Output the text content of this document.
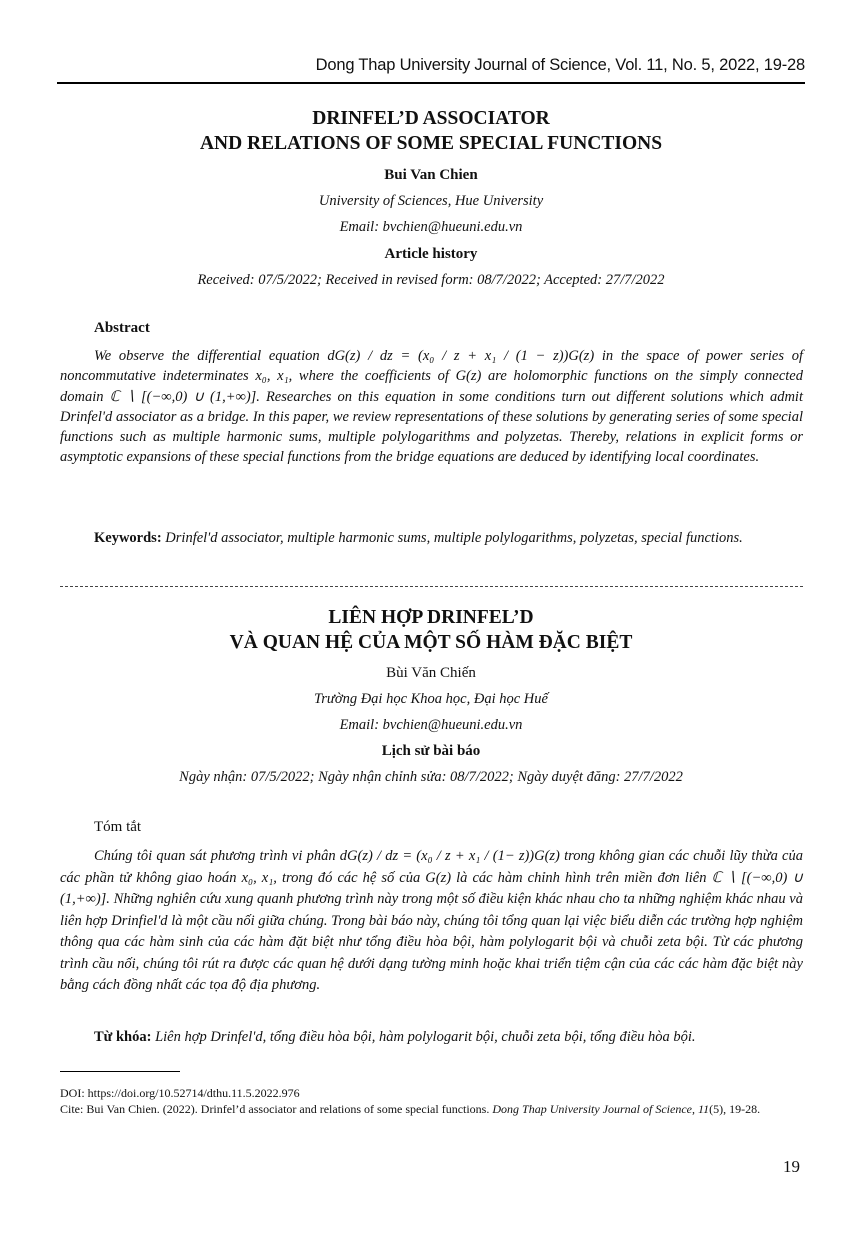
Dong Thap University Journal of Science, Vol. 11, No. 5, 2022, 19-28
DRINFEL’D ASSOCIATOR
AND RELATIONS OF SOME SPECIAL FUNCTIONS
Bui Van Chien
University of Sciences, Hue University
Email: bvchien@hueuni.edu.vn
Article history
Received: 07/5/2022; Received in revised form: 08/7/2022; Accepted: 27/7/2022
Abstract
We observe the differential equation dG(z) / dz = (x₀ / z + x₁ / (1 − z))G(z) in the space of power series of noncommutative indeterminates x₀, x₁, where the coefficients of G(z) are holomorphic functions on the simply connected domain ℂ ∖ [(−∞,0) ∪ (1,+∞)]. Researches on this equation in some conditions turn out different solutions which admit Drinfel'd associator as a bridge. In this paper, we review representations of these solutions by generating series of some special functions such as multiple harmonic sums, multiple polylogarithms and polyzetas. Thereby, relations in explicit forms or asymptotic expansions of these special functions from the bridge equations are deduced by identifying local coordinates.
Keywords: Drinfel'd associator, multiple harmonic sums, multiple polylogarithms, polyzetas, special functions.
LIÊN HỢP DRINFEL’D
VÀ QUAN HỆ CỦA MỘT SỐ HÀM ĐẶC BIỆT
Bùi Văn Chiến
Trường Đại học Khoa học, Đại học Huế
Email: bvchien@hueuni.edu.vn
Lịch sử bài báo
Ngày nhận: 07/5/2022; Ngày nhận chỉnh sửa: 08/7/2022; Ngày duyệt đăng: 27/7/2022
Tóm tắt
Chúng tôi quan sát phương trình vi phân dG(z) / dz = (x₀ / z + x₁ / (1− z))G(z) trong không gian các chuỗi lũy thừa của các phần tử không giao hoán x₀, x₁, trong đó các hệ số của G(z) là các hàm chỉnh hình trên miền đơn liên ℂ ∖ [(−∞,0) ∪ (1,+∞)]. Những nghiên cứu xung quanh phương trình này trong một số điều kiện khác nhau cho ta những nghiệm khác nhau và liên hợp Drinfiel'd là một cầu nối giữa chúng. Trong bài báo này, chúng tôi tổng quan lại việc biểu diễn các trường hợp nghiệm thông qua các hàm sinh của các hàm đặt biệt như tổng điều hòa bội, hàm polylogarit bội và chuỗi zeta bội. Từ các phương trình cầu nối, chúng tôi rút ra được các quan hệ dưới dạng tường minh hoặc khai triển tiệm cận của các các hàm đặc biệt này bằng cách đồng nhất các tọa độ địa phương.
Từ khóa: Liên hợp Drinfel'd, tổng điều hòa bội, hàm polylogarit bội, chuỗi zeta bội, tổng điều hòa bội.
DOI: https://doi.org/10.52714/dthu.11.5.2022.976
Cite: Bui Van Chien. (2022). Drinfel’d associator and relations of some special functions. Dong Thap University Journal of Science, 11(5), 19-28.
19
